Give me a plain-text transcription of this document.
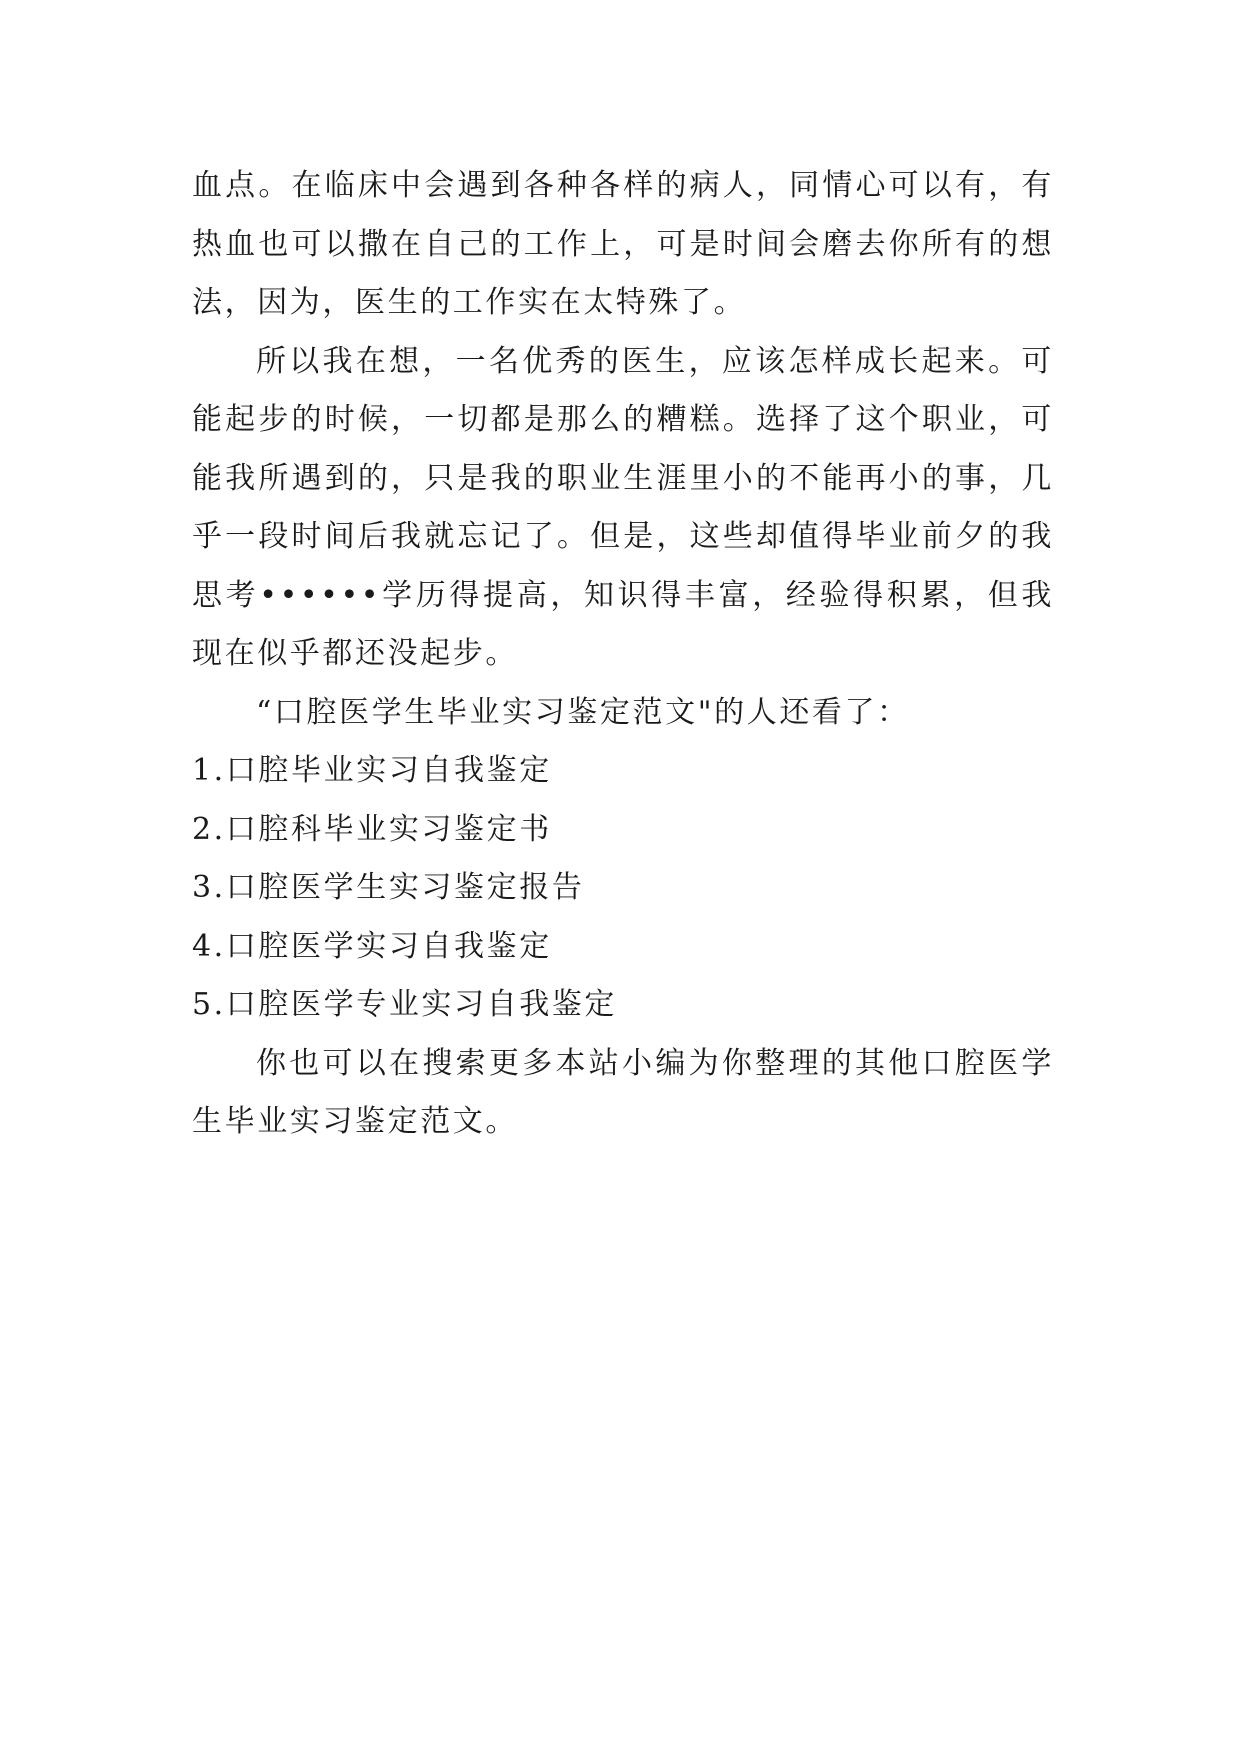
血点。在临床中会遇到各种各样的病人，同情心可以有，有热血也可以撒在自己的工作上，可是时间会磨去你所有的想法，因为，医生的工作实在太特殊了。

所以我在想，一名优秀的医生，应该怎样成长起来。可能起步的时候，一切都是那么的糟糕。选择了这个职业，可能我所遇到的，只是我的职业生涯里小的不能再小的事，几乎一段时间后我就忘记了。但是，这些却值得毕业前夕的我思考••••••学历得提高，知识得丰富，经验得积累，但我现在似乎都还没起步。

“口腔医学生毕业实习鉴定范文"的人还看了：

1.口腔毕业实习自我鉴定

2.口腔科毕业实习鉴定书

3.口腔医学生实习鉴定报告

4.口腔医学实习自我鉴定

5.口腔医学专业实习自我鉴定

你也可以在搜索更多本站小编为你整理的其他口腔医学生毕业实习鉴定范文。
